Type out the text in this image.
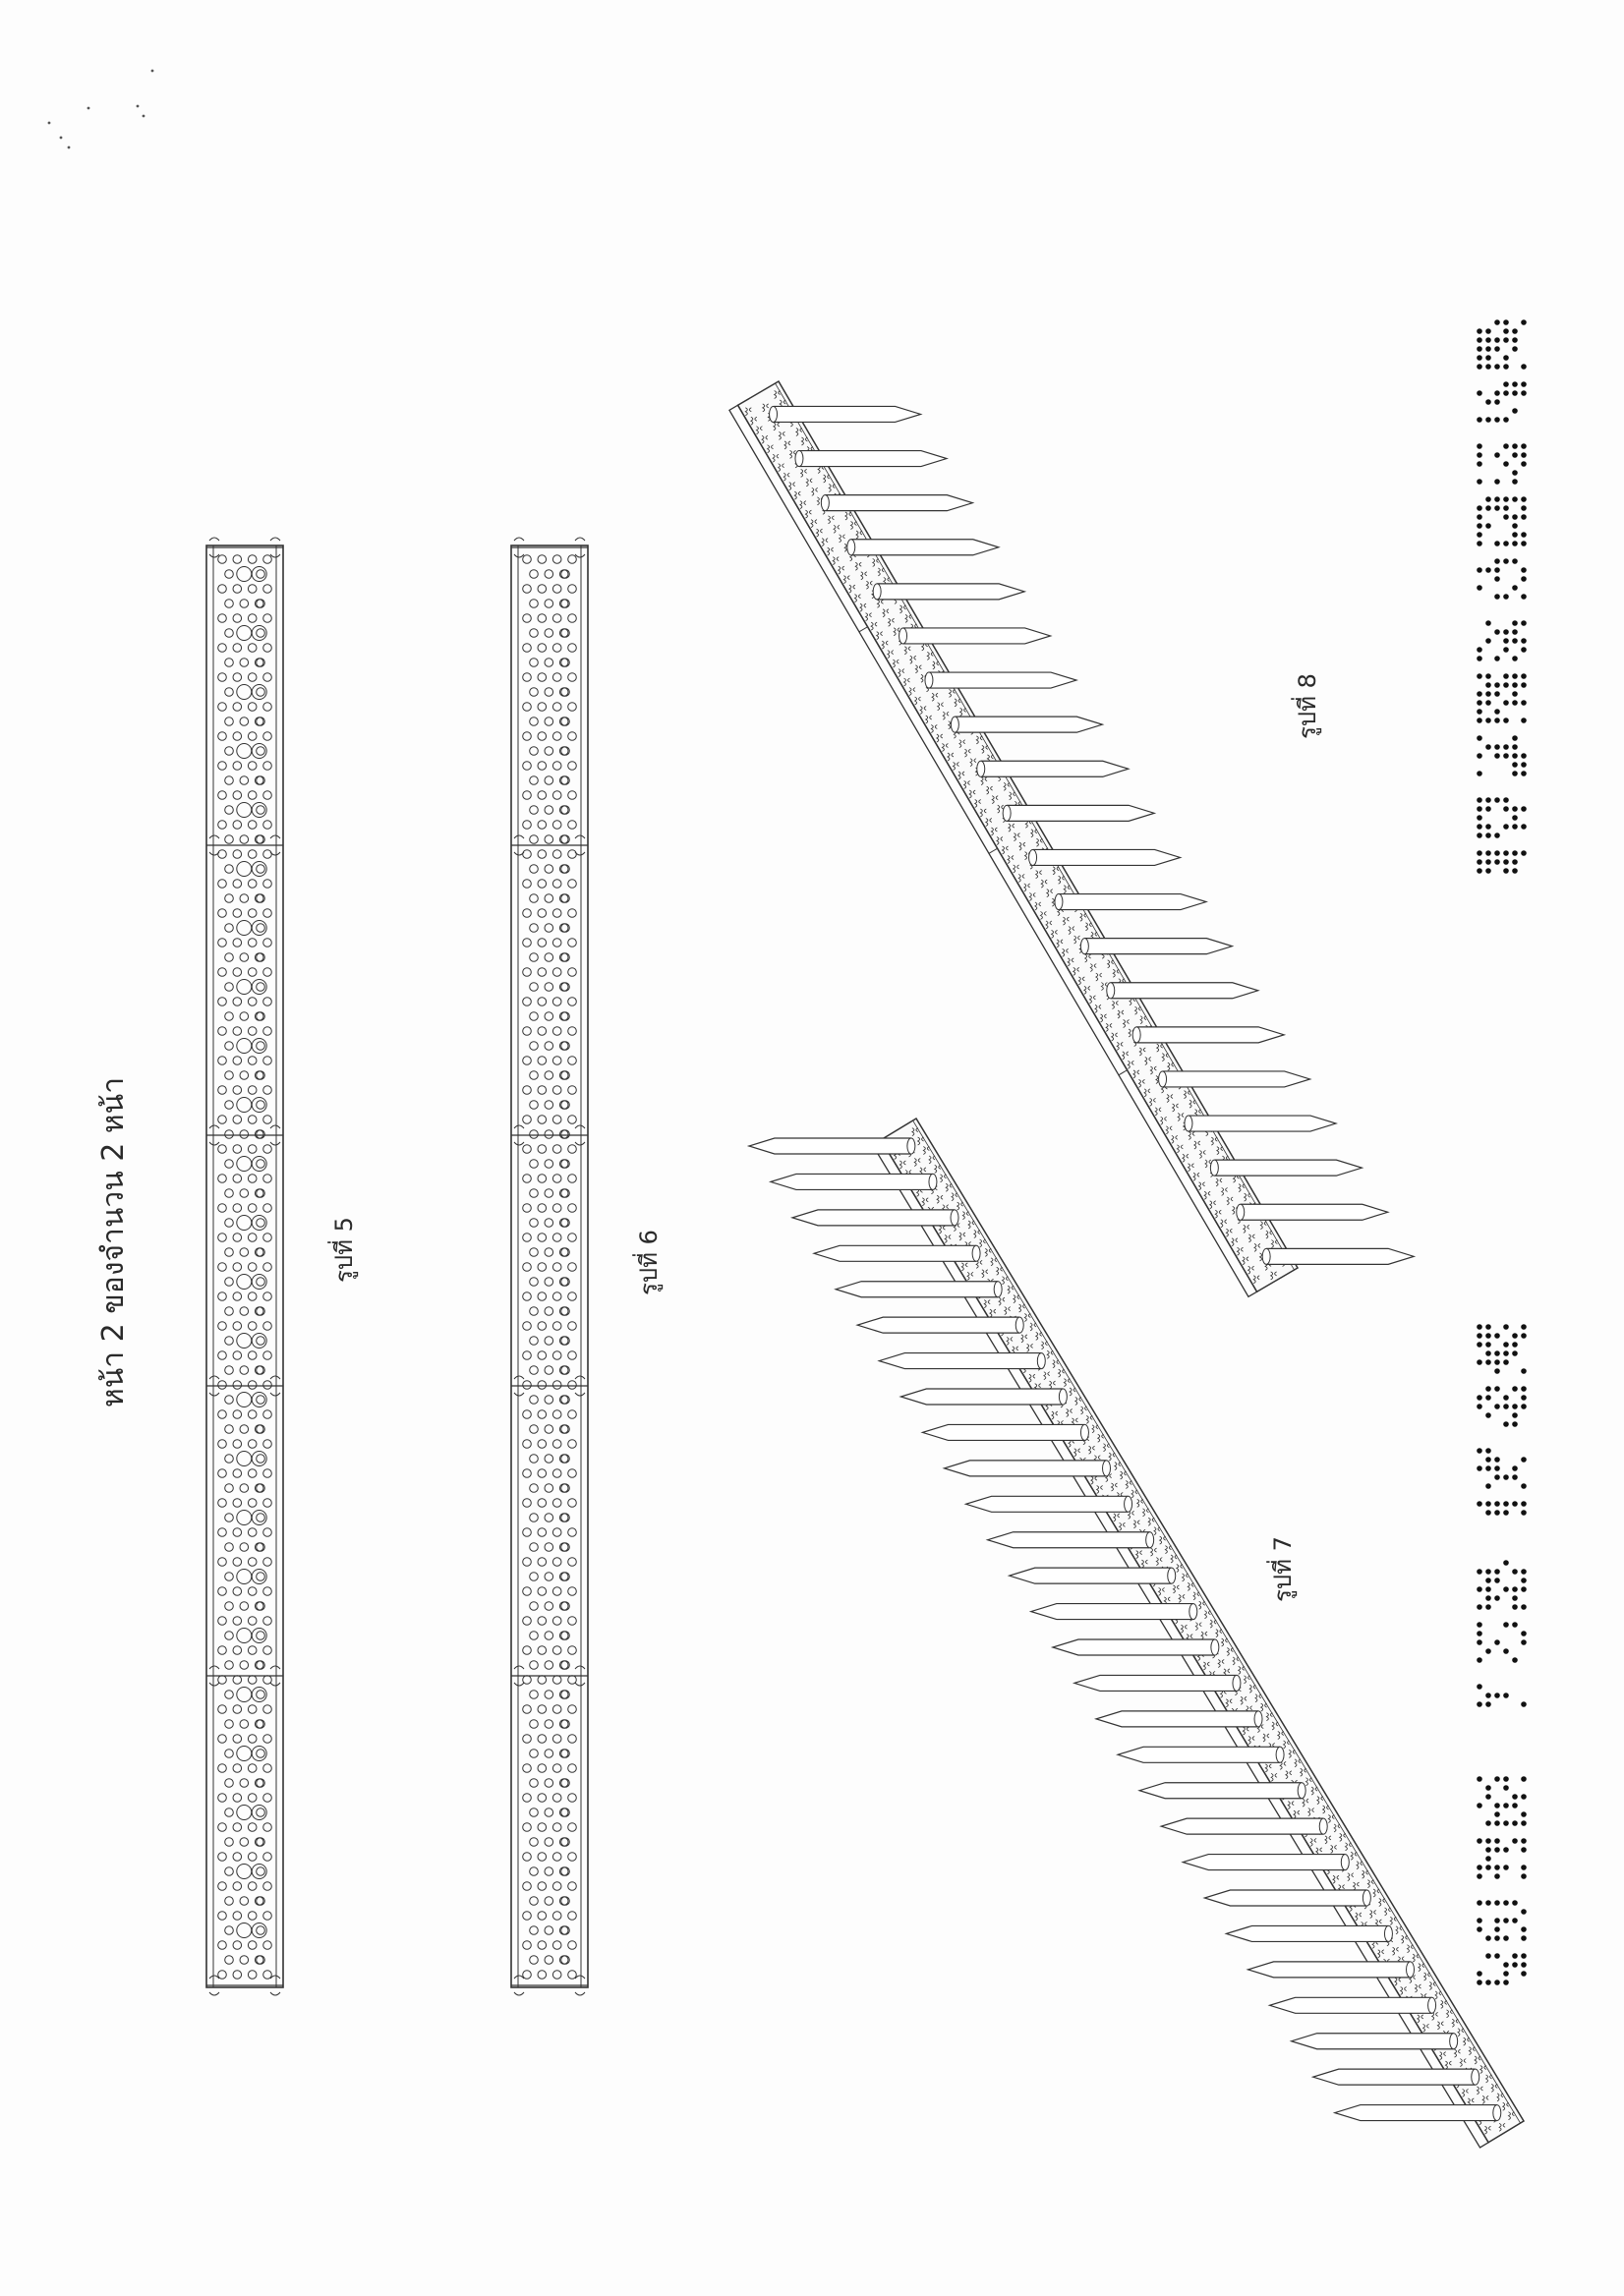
หน้า 2 ของจำนวน 2 หน้า	รูปที่ 5	รูปที่ 6
รูปที่ 7
รูปที่ 8
